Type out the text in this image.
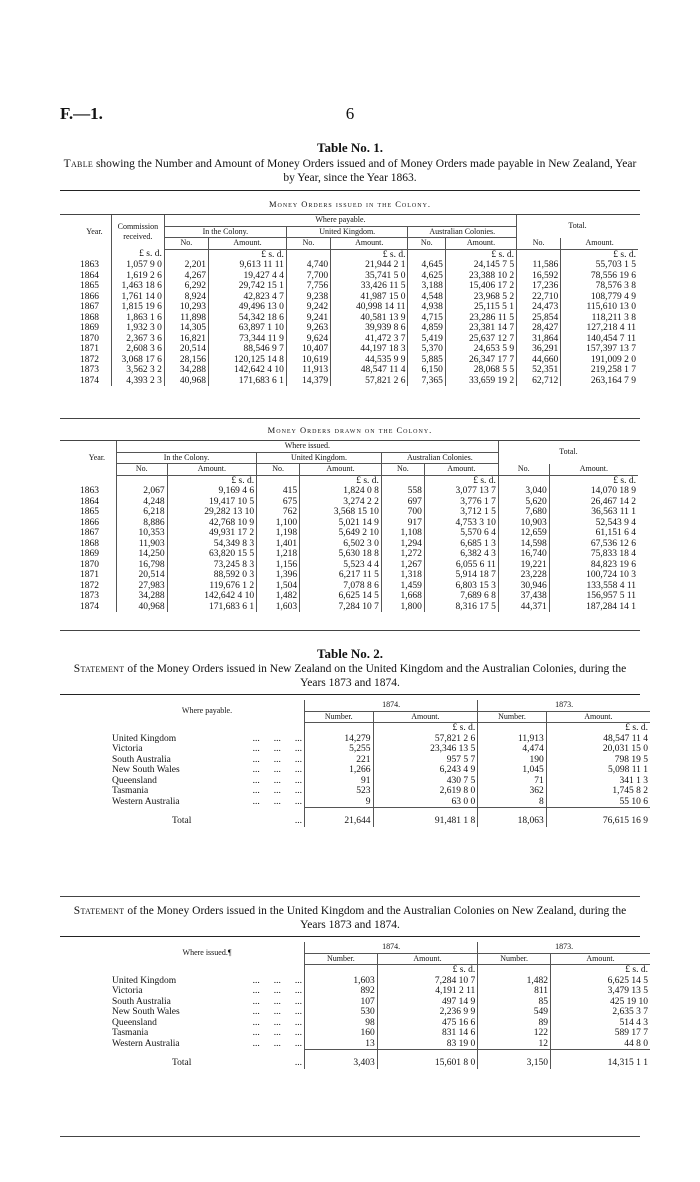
F.—1.	6
Table No. 1.
Table showing the Number and Amount of Money Orders issued and of Money Orders made payable in New Zealand, Year by Year, since the Year 1863.
Money Orders issued in the Colony.
Year.	Commission received.	Where payable.						Total.	
		In the Colony.		United Kingdom.		Australian Colonies.			
		No.	Amount.	No.	Amount.	No.	Amount.	No.	Amount.
	£ s. d.		£ s. d.		£ s. d.		£ s. d.		£ s. d.
1863	1,057 9 0	2,201	9,613 11 11	4,740	21,944 2 1	4,645	24,145 7 5	11,586	55,703 1 5
1864	1,619 2 6	4,267	19,427 4 4	7,700	35,741 5 0	4,625	23,388 10 2	16,592	78,556 19 6
1865	1,463 18 6	6,292	29,742 15 1	7,756	33,426 11 5	3,188	15,406 17 2	17,236	78,576 3 8
1866	1,761 14 0	8,924	42,823 4 7	9,238	41,987 15 0	4,548	23,968 5 2	22,710	108,779 4 9
1867	1,815 19 6	10,293	49,496 13 0	9,242	40,998 14 11	4,938	25,115 5 1	24,473	115,610 13 0
1868	1,863 1 6	11,898	54,342 18 6	9,241	40,581 13 9	4,715	23,286 11 5	25,854	118,211 3 8
1869	1,932 3 0	14,305	63,897 1 10	9,263	39,939 8 6	4,859	23,381 14 7	28,427	127,218 4 11
1870	2,367 3 6	16,821	73,344 11 9	9,624	41,472 3 7	5,419	25,637 12 7	31,864	140,454 7 11
1871	2,608 3 6	20,514	88,546 9 7	10,407	44,197 18 3	5,370	24,653 5 9	36,291	157,397 13 7
1872	3,068 17 6	28,156	120,125 14 8	10,619	44,535 9 9	5,885	26,347 17 7	44,660	191,009 2 0
1873	3,562 3 2	34,288	142,642 4 10	11,913	48,547 11 4	6,150	28,068 5 5	52,351	219,258 1 7
1874	4,393 2 3	40,968	171,683 6 1	14,379	57,821 2 6	7,365	33,659 19 2	62,712	263,164 7 9
Money Orders drawn on the Colony.
Year.	Where issued.						Total.	
	In the Colony.		United Kingdom.		Australian Colonies.			
	No.	Amount.	No.	Amount.	No.	Amount.	No.	Amount.
		£ s. d.		£ s. d.		£ s. d.		£ s. d.
1863	2,067	9,169 4 6	415	1,824 0 8	558	3,077 13 7	3,040	14,070 18 9
1864	4,248	19,417 10 5	675	3,274 2 2	697	3,776 1 7	5,620	26,467 14 2
1865	6,218	29,282 13 10	762	3,568 15 10	700	3,712 1 5	7,680	36,563 11 1
1866	8,886	42,768 10 9	1,100	5,021 14 9	917	4,753 3 10	10,903	52,543 9 4
1867	10,353	49,931 17 2	1,198	5,649 2 10	1,108	5,570 6 4	12,659	61,151 6 4
1868	11,903	54,349 8 3	1,401	6,502 3 0	1,294	6,685 1 3	14,598	67,536 12 6
1869	14,250	63,820 15 5	1,218	5,630 18 8	1,272	6,382 4 3	16,740	75,833 18 4
1870	16,798	73,245 8 3	1,156	5,523 4 4	1,267	6,055 6 11	19,221	84,823 19 6
1871	20,514	88,592 0 3	1,396	6,217 11 5	1,318	5,914 18 7	23,228	100,724 10 3
1872	27,983	119,676 1 2	1,504	7,078 8 6	1,459	6,803 15 3	30,946	133,558 4 11
1873	34,288	142,642 4 10	1,482	6,625 14 5	1,668	7,689 6 8	37,438	156,957 5 11
1874	40,968	171,683 6 1	1,603	7,284 10 7	1,800	8,316 17 5	44,371	187,284 14 1
Table No. 2.
Statement of the Money Orders issued in New Zealand on the United Kingdom and the Australian Colonies, during the Years 1873 and 1874.
Where payable.	1874.		1873.	
	Number.	Amount.	Number.	Amount.
		£ s. d.		£ s. d.
United Kingdom ... ... ...	14,279	57,821 2 6	11,913	48,547 11 4
Victoria ... ... ...	5,255	23,346 13 5	4,474	20,031 15 0
South Australia ... ... ...	221	957 5 7	190	798 19 5
New South Wales ... ... ...	1,266	6,243 4 9	1,045	5,098 11 1
Queensland ... ... ...	91	430 7 5	71	341 1 3
Tasmania ... ... ...	523	2,619 8 0	362	1,745 8 2
Western Australia ... ... ...	9	63 0 0	8	55 10 6
Total ...	21,644	91,481 1 8	18,063	76,615 16 9
Statement of the Money Orders issued in the United Kingdom and the Australian Colonies on New Zealand, during the Years 1873 and 1874.
Where issued.¶	1874.		1873.	
	Number.	Amount.	Number.	Amount.
		£ s. d.		£ s. d.
United Kingdom ... ... ...	1,603	7,284 10 7	1,482	6,625 14 5
Victoria ... ... ...	892	4,191 2 11	811	3,479 13 5
South Australia ... ... ...	107	497 14 9	85	425 19 10
New South Wales ... ... ...	530	2,236 9 9	549	2,635 3 7
Queensland ... ... ...	98	475 16 6	89	514 4 3
Tasmania ... ... ...	160	831 14 6	122	589 17 7
Western Australia ... ... ...	13	83 19 0	12	44 8 0
Total ...	3,403	15,601 8 0	3,150	14,315 1 1
